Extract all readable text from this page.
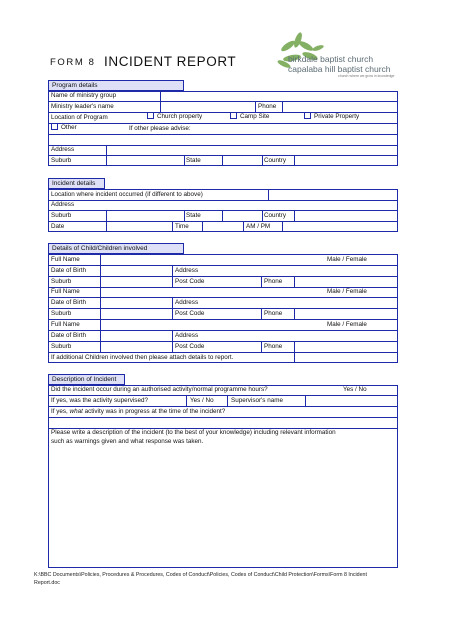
FORM 8 INCIDENT REPORT	birkdale baptist church
capalaba hill baptist church
church where we grow in knowledge
Program details
Name of ministry group
Ministry leader's name	Phone
Location of Program	Church property	Camp Site	Private Property
Other	If other please advise:
Address
Suburb	State	Country
Incident details
Location where incident occurred (if different to above)
Address
Suburb	State	Country
Date	Time	AM / PM
Details of Child/Children involved
Full Name	Male / Female
Date of Birth	Address
Suburb	Post Code	Phone
Full Name	Male / Female
Date of Birth	Address
Suburb	Post Code	Phone
Full Name	Male / Female
Date of Birth	Address
Suburb	Post Code	Phone
If additional Children involved then please attach details to report.
Description of Incident
Did the incident occur during an authorised activity/normal programme hours?	Yes / No
If yes, was the activity supervised?	Yes / No	Supervisor's name
If yes, what activity was in progress at the time of the incident?
Please write a description of the incident (to the best of your knowledge) including relevant information
such as warnings given and what response was taken.
K:\BBC Documents\Policies, Procedures & Procedures, Codes of Conduct\Policies, Codes of Conduct\Child Protection\Forms\Form 8 Incident
Report.doc
